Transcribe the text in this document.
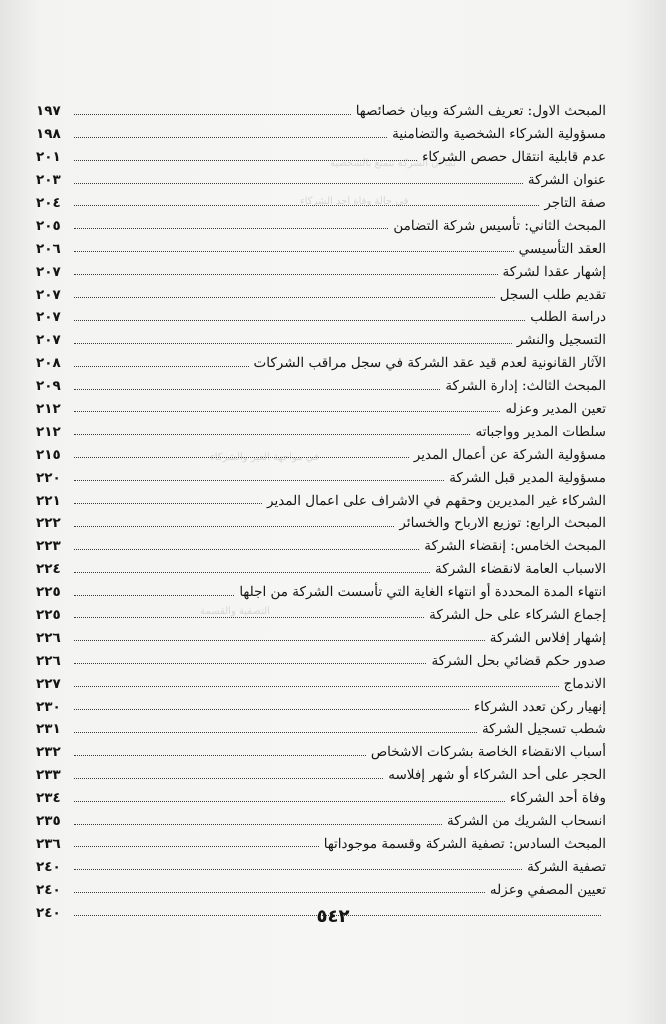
بما ان الشركة تتمتع بالشخصية
في حالة وفاة احد الشركاء
في مواجهة الغير والشركاء
التصفية والقسمة
المبحث الاول: تعريف الشركة وبيان خصائصها
١٩٧
مسؤولية الشركاء الشخصية والتضامنية
١٩٨
عدم قابلية انتقال حصص الشركاء
٢٠١
عنوان الشركة
٢٠٣
صفة التاجر
٢٠٤
المبحث الثاني: تأسيس شركة التضامن
٢٠٥
العقد التأسيسي
٢٠٦
إشهار عقدا لشركة
٢٠٧
تقديم طلب السجل
٢٠٧
دراسة الطلب
٢٠٧
التسجيل والنشر
٢٠٧
الآثار القانونية لعدم قيد عقد الشركة في سجل مراقب الشركات
٢٠٨
المبحث الثالث: إدارة الشركة
٢٠٩
تعين المدير وعزله
٢١٢
سلطات المدير وواجباته
٢١٢
مسؤولية الشركة عن أعمال المدير
٢١٥
مسؤولية المدير قبل الشركة
٢٢٠
الشركاء غير المديرين وحقهم في الاشراف على اعمال المدير
٢٢١
المبحث الرابع: توزيع الارباح والخسائر
٢٢٢
المبحث الخامس: إنقضاء الشركة
٢٢٣
الاسباب العامة لانقضاء الشركة
٢٢٤
انتهاء المدة المحددة أو انتهاء الغاية التي تأسست الشركة من اجلها
٢٢٥
إجماع الشركاء على حل الشركة
٢٢٥
إشهار إفلاس الشركة
٢٢٦
صدور حكم قضائي بحل الشركة
٢٢٦
الاندماج
٢٢٧
إنهيار ركن تعدد الشركاء
٢٣٠
شطب تسجيل الشركة
٢٣١
أسباب الانقضاء الخاصة بشركات الاشخاص
٢٣٢
الحجر على أحد الشركاء أو شهر إفلاسه
٢٣٣
وفاة أحد الشركاء
٢٣٤
انسحاب الشريك من الشركة
٢٣٥
المبحث السادس: تصفية الشركة وقسمة موجوداتها
٢٣٦
تصفية الشركة
٢٤٠
تعيين المصفي وعزله
٢٤٠
٢٤٠	٥٤٢
